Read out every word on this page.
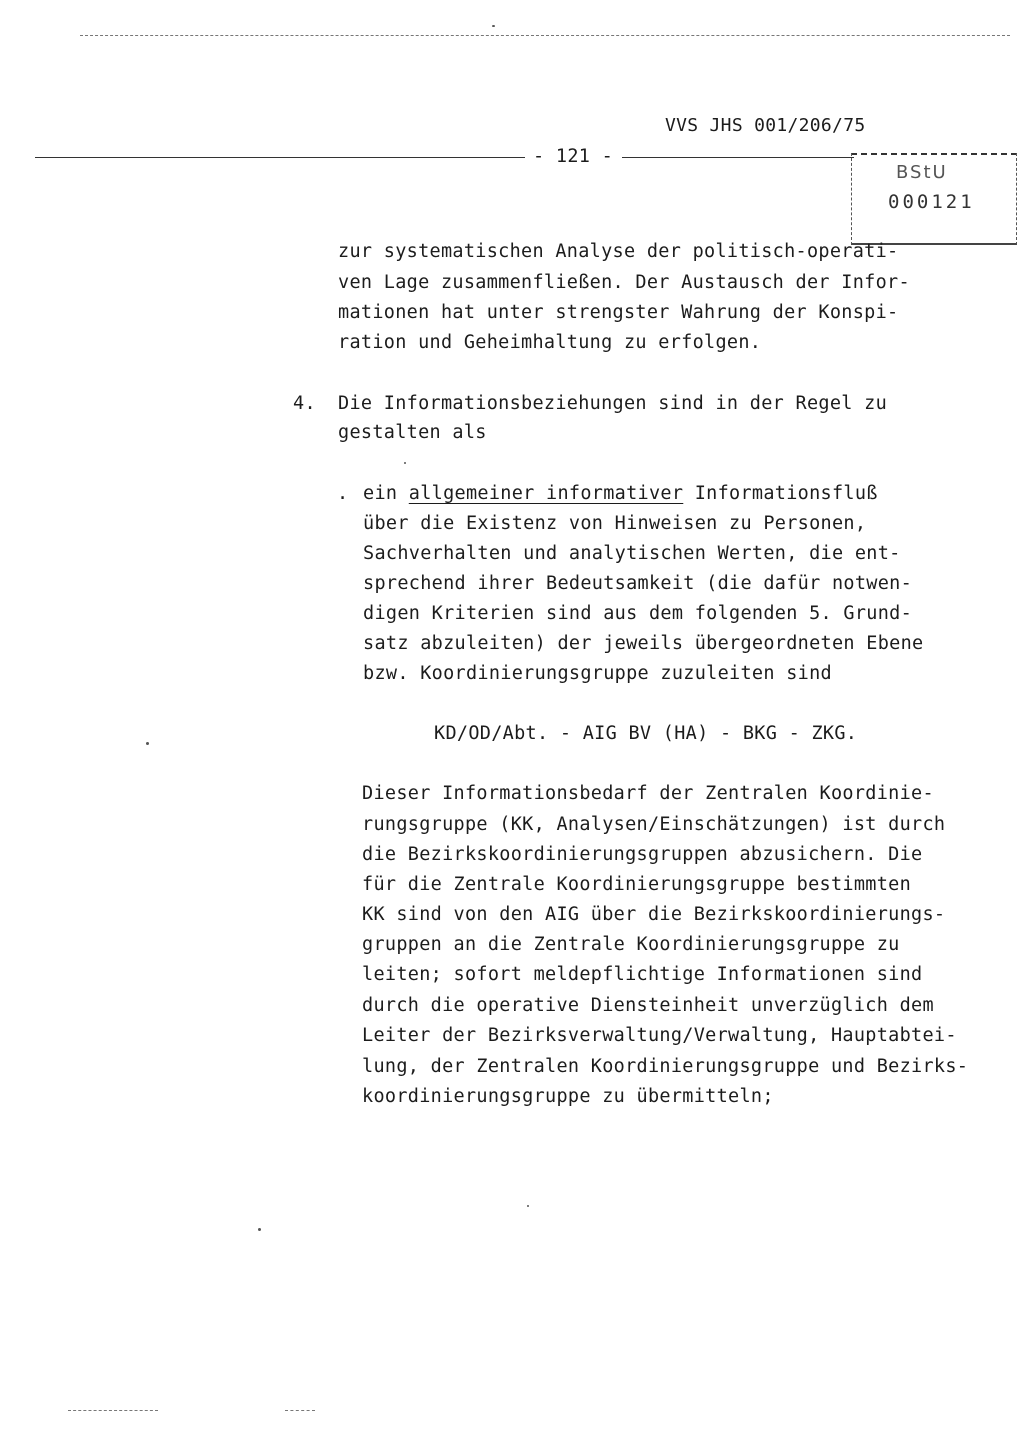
VVS JHS 001/206/75
- 121 -
BStU
000121
zur systematischen Analyse der politisch-operati-
ven Lage zusammenfließen. Der Austausch der Infor-
mationen hat unter strengster Wahrung der Konspi-
ration und Geheimhaltung zu erfolgen.
4. Die Informationsbeziehungen sind in der Regel zu
gestalten als
. ein allgemeiner informativer Informationsfluß
über die Existenz von Hinweisen zu Personen,
Sachverhalten und analytischen Werten, die ent-
sprechend ihrer Bedeutsamkeit (die dafür notwen-
digen Kriterien sind aus dem folgenden 5. Grund-
satz abzuleiten) der jeweils übergeordneten Ebene
bzw. Koordinierungsgruppe zuzuleiten sind
KD/OD/Abt. - AIG BV (HA) - BKG - ZKG.
Dieser Informationsbedarf der Zentralen Koordinie-
rungsgruppe (KK, Analysen/Einschätzungen) ist durch
die Bezirkskoordinierungsgruppen abzusichern. Die
für die Zentrale Koordinierungsgruppe bestimmten
KK sind von den AIG über die Bezirkskoordinierungs-
gruppen an die Zentrale Koordinierungsgruppe zu
leiten; sofort meldepflichtige Informationen sind
durch die operative Diensteinheit unverzüglich dem
Leiter der Bezirksverwaltung/Verwaltung, Hauptabtei-
lung, der Zentralen Koordinierungsgruppe und Bezirks-
koordinierungsgruppe zu übermitteln;
